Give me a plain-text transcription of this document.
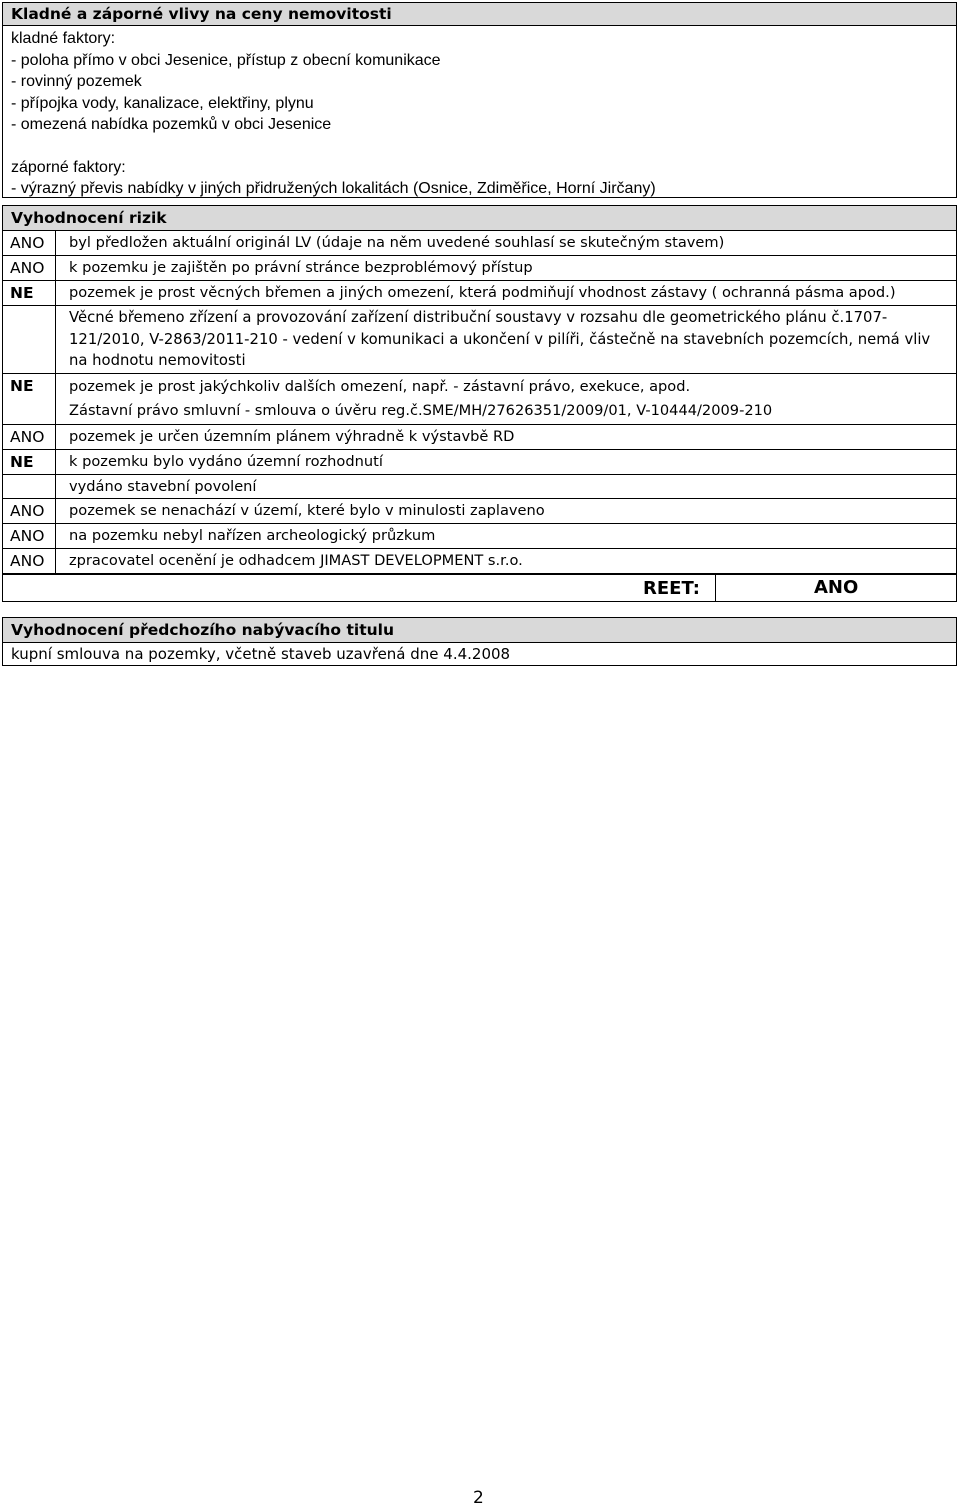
Kladné a záporné vlivy na ceny nemovitosti
kladné faktory:
- poloha přímo v obci Jesenice, přístup z obecní komunikace
- rovinný pozemek
- přípojka vody, kanalizace, elektřiny, plynu
- omezená nabídka pozemků v obci Jesenice
záporné faktory:
- výrazný převis nabídky v jiných přidružených lokalitách (Osnice, Zdiměřice, Horní Jirčany)
Vyhodnocení rizik
ANO	byl předložen aktuální originál LV (údaje na něm uvedené souhlasí se skutečným stavem)
ANO	k pozemku je zajištěn po právní stránce bezproblémový přístup
NE	pozemek je prost věcných břemen a jiných omezení, která podmiňují vhodnost zástavy ( ochranná pásma apod.)
Věcné břemeno zřízení a provozování zařízení distribuční soustavy v rozsahu dle geometrického plánu č.1707-121/2010, V-2863/2011-210 - vedení v komunikaci a ukončení v pilíři, částečně na stavebních pozemcích, nemá vliv na hodnotu nemovitosti
NE	pozemek je prost jakýchkoliv dalších omezení, např. - zástavní právo, exekuce, apod.
Zástavní právo smluvní - smlouva o úvěru reg.č.SME/MH/27626351/2009/01, V-10444/2009-210
ANO	pozemek je určen územním plánem výhradně k výstavbě RD
NE	k pozemku bylo vydáno územní rozhodnutí
vydáno stavební povolení
ANO	pozemek se nenachází v území, které bylo v minulosti zaplaveno
ANO	na pozemku nebyl nařízen archeologický průzkum
ANO	zpracovatel ocenění je odhadcem JIMAST DEVELOPMENT s.r.o.
REET:	ANO
Vyhodnocení předchozího nabývacího titulu
kupní smlouva na pozemky, včetně staveb uzavřená dne 4.4.2008
2
